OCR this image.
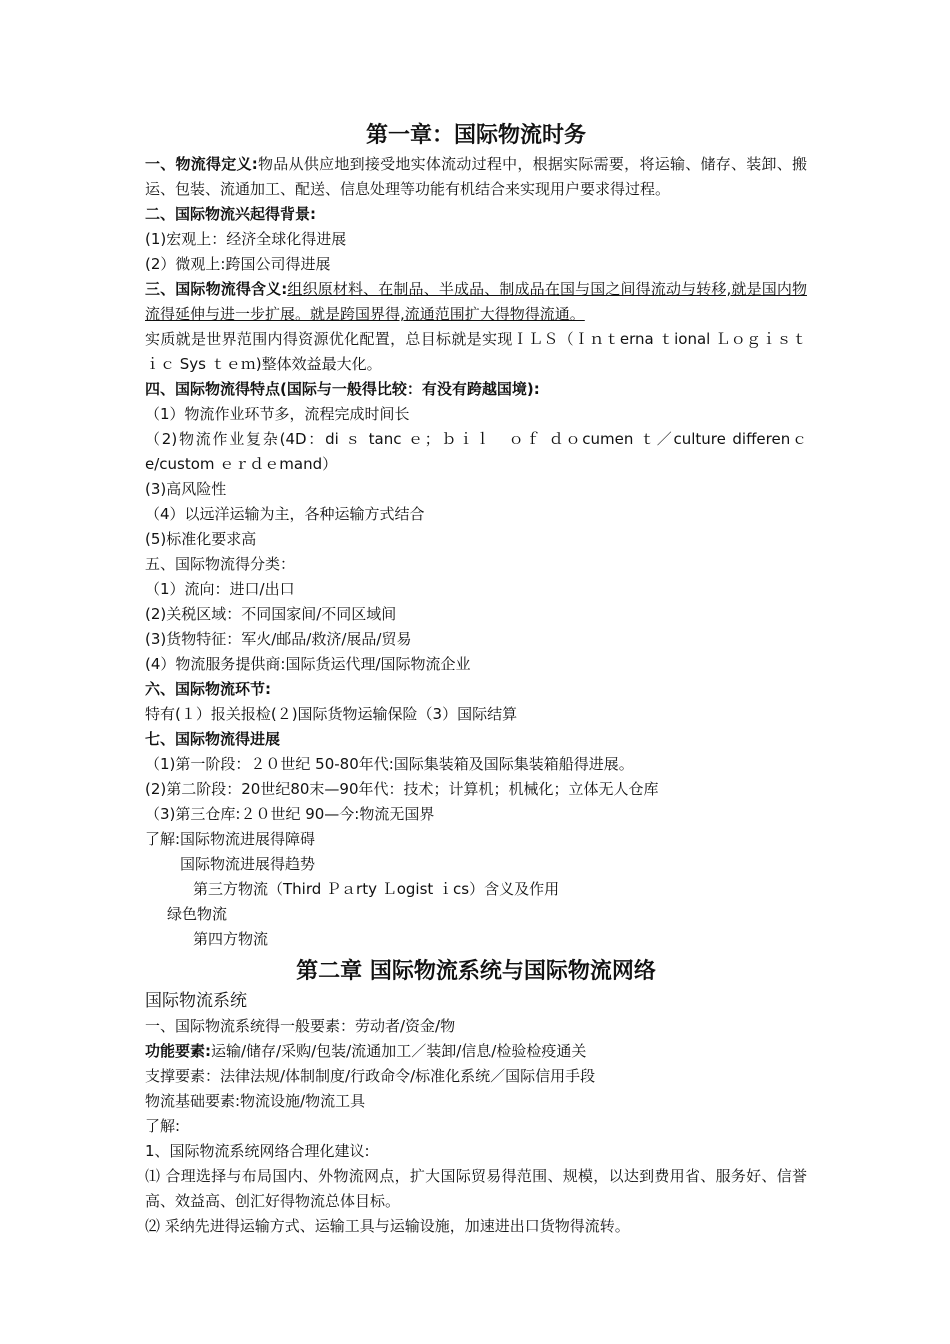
第一章：国际物流时务

一、物流得定义:物品从供应地到接受地实体流动过程中，根据实际需要，将运输、储存、装卸、搬运、包装、流通加工、配送、信息处理等功能有机结合来实现用户要求得过程。

二、国际物流兴起得背景:

(1)宏观上：经济全球化得进展

(2）微观上:跨国公司得进展

三、国际物流得含义:组织原材料、在制品、半成品、制成品在国与国之间得流动与转移,就是国内物流得延伸与进一步扩展。就是跨国界得,流通范围扩大得物得流通。

实质就是世界范围内得资源优化配置，总目标就是实现ＩＬＳ（Ｉｎｔerna ｔional Ｌｏｇｉｓｔｉｃ Sys ｔｅｍ)整体效益最大化。

四、国际物流得特点(国际与一般得比较：有没有跨越国境):

（1）物流作业环节多，流程完成时间长

（2)物流作业复杂(4D：di ｓ tanc ｅ；ｂｉｌ　ｏｆ ｄｏcumen ｔ／culture differenｃe/custom ｅｒｄｅmand）

(3)高风险性

（4）以远洋运输为主，各种运输方式结合

(5)标准化要求高

五、国际物流得分类：

（1）流向：进口/出口

(2)关税区域：不同国家间/不同区域间

(3)货物特征：军火/邮品/救济/展品/贸易

(4）物流服务提供商:国际货运代理/国际物流企业

六、国际物流环节:

特有(１）报关报检(２)国际货物运输保险（3）国际结算

七、国际物流得进展

（1)第一阶段：２０世纪 50-80年代:国际集装箱及国际集装箱船得进展。

(2)第二阶段：20世纪80末—90年代：技术；计算机；机械化；立体无人仓库

（3)第三仓库:２０世纪 90—今:物流无国界

了解:国际物流进展得障碍

国际物流进展得趋势

第三方物流（Third Ｐａrty Ｌogist ｉcs）含义及作用

绿色物流

第四方物流

第二章 国际物流系统与国际物流网络

国际物流系统

一、国际物流系统得一般要素：劳动者/资金/物

功能要素:运输/储存/采购/包装/流通加工／装卸/信息/检验检疫通关

支撑要素：法律法规/体制制度/行政命令/标准化系统／国际信用手段

物流基础要素:物流设施/物流工具

了解:

1、国际物流系统网络合理化建议:

⑴ 合理选择与布局国内、外物流网点，扩大国际贸易得范围、规模，以达到费用省、服务好、信誉高、效益高、创汇好得物流总体目标。

⑵ 采纳先进得运输方式、运输工具与运输设施，加速进出口货物得流转。
